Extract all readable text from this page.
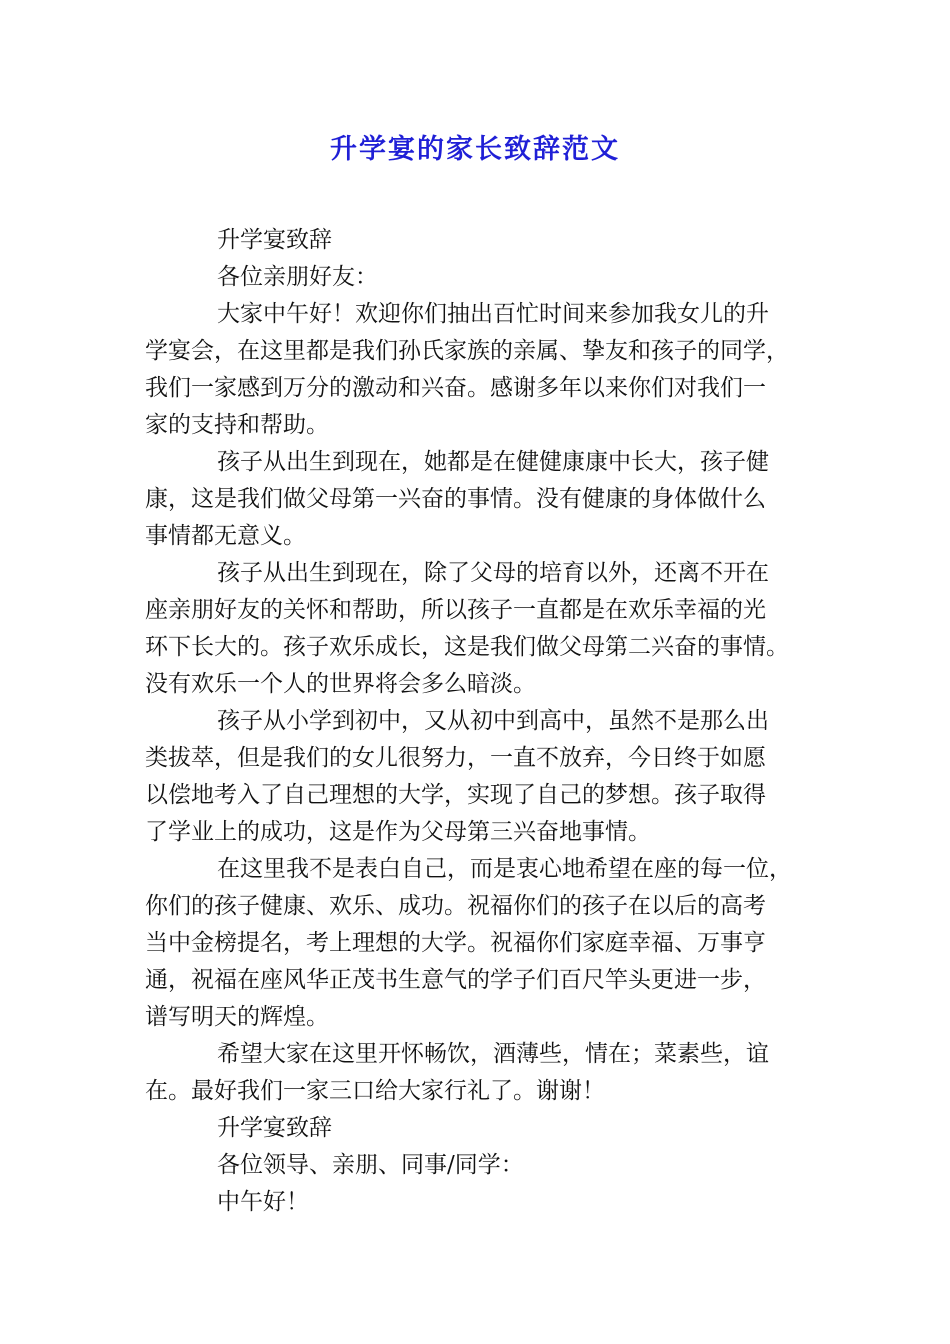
升学宴的家长致辞范文

升学宴致辞

各位亲朋好友：

大家中午好！欢迎你们抽出百忙时间来参加我女儿的升

学宴会，在这里都是我们孙氏家族的亲属、挚友和孩子的同学，

我们一家感到万分的激动和兴奋。感谢多年以来你们对我们一

家的支持和帮助。

孩子从出生到现在，她都是在健健康康中长大，孩子健

康，这是我们做父母第一兴奋的事情。没有健康的身体做什么

事情都无意义。

孩子从出生到现在，除了父母的培育以外，还离不开在

座亲朋好友的关怀和帮助，所以孩子一直都是在欢乐幸福的光

环下长大的。孩子欢乐成长，这是我们做父母第二兴奋的事情。

没有欢乐一个人的世界将会多么暗淡。

孩子从小学到初中，又从初中到高中，虽然不是那么出

类拔萃，但是我们的女儿很努力，一直不放弃，今日终于如愿

以偿地考入了自己理想的大学，实现了自己的梦想。孩子取得

了学业上的成功，这是作为父母第三兴奋地事情。

在这里我不是表白自己，而是衷心地希望在座的每一位，

你们的孩子健康、欢乐、成功。祝福你们的孩子在以后的高考

当中金榜提名，考上理想的大学。祝福你们家庭幸福、万事亨

通，祝福在座风华正茂书生意气的学子们百尺竿头更进一步，

谱写明天的辉煌。

希望大家在这里开怀畅饮，酒薄些，情在；菜素些，谊

在。最好我们一家三口给大家行礼了。谢谢！

升学宴致辞

各位领导、亲朋、同事/同学：

中午好！
